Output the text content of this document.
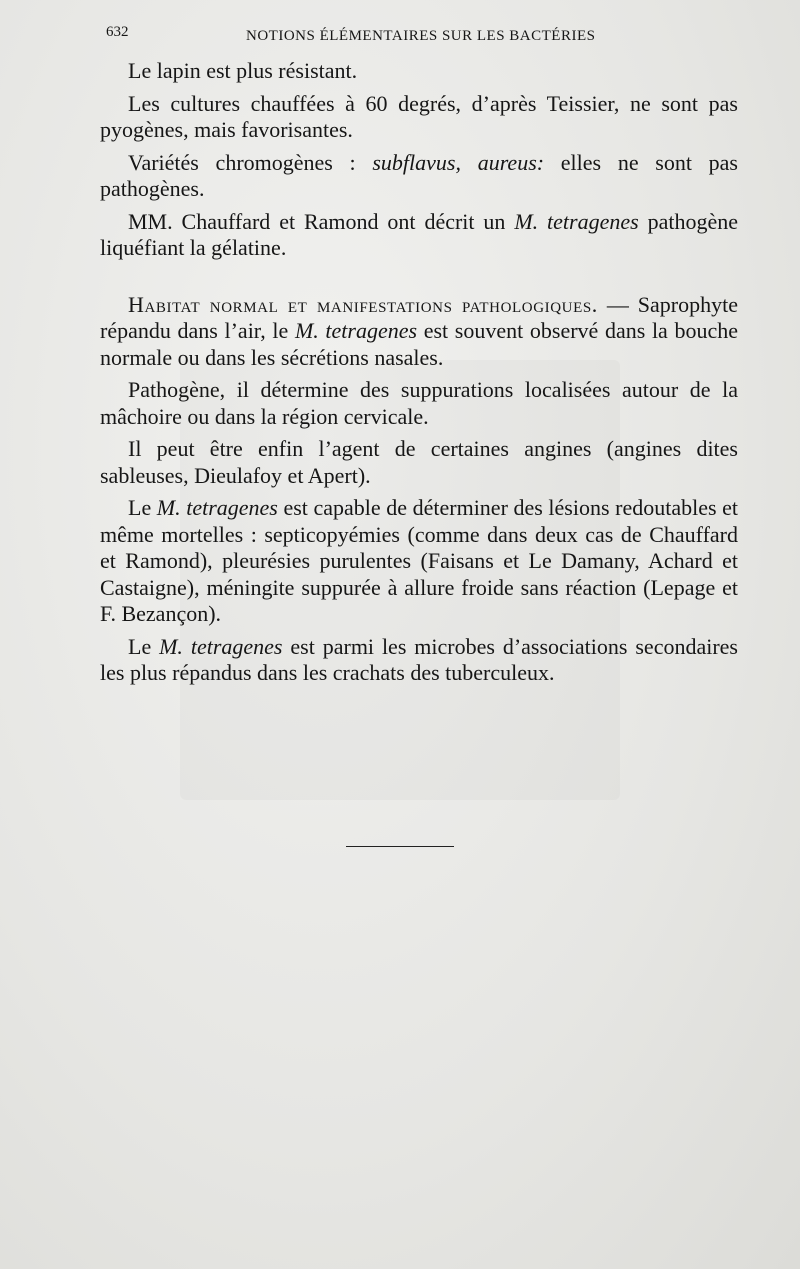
632	NOTIONS ÉLÉMENTAIRES SUR LES BACTÉRIES

Le lapin est plus résistant.

Les cultures chauffées à 60 degrés, d’après Teissier, ne sont pas pyogènes, mais favorisantes.

Variétés chromogènes : subflavus, aureus: elles ne sont pas pathogènes.

MM. Chauffard et Ramond ont décrit un M. tetragenes pathogène liquéfiant la gélatine.

Habitat normal et manifestations pathologiques. — Saprophyte répandu dans l’air, le M. tetragenes est souvent observé dans la bouche normale ou dans les sécrétions nasales.

Pathogène, il détermine des suppurations localisées autour de la mâchoire ou dans la région cervicale.

Il peut être enfin l’agent de certaines angines (angines dites sableuses, Dieulafoy et Apert).

Le M. tetragenes est capable de déterminer des lésions redoutables et même mortelles : septicopyémies (comme dans deux cas de Chauffard et Ramond), pleurésies purulentes (Faisans et Le Damany, Achard et Castaigne), méningite suppurée à allure froide sans réaction (Lepage et F. Bezançon).

Le M. tetragenes est parmi les microbes d’associations secondaires les plus répandus dans les crachats des tuberculeux.
